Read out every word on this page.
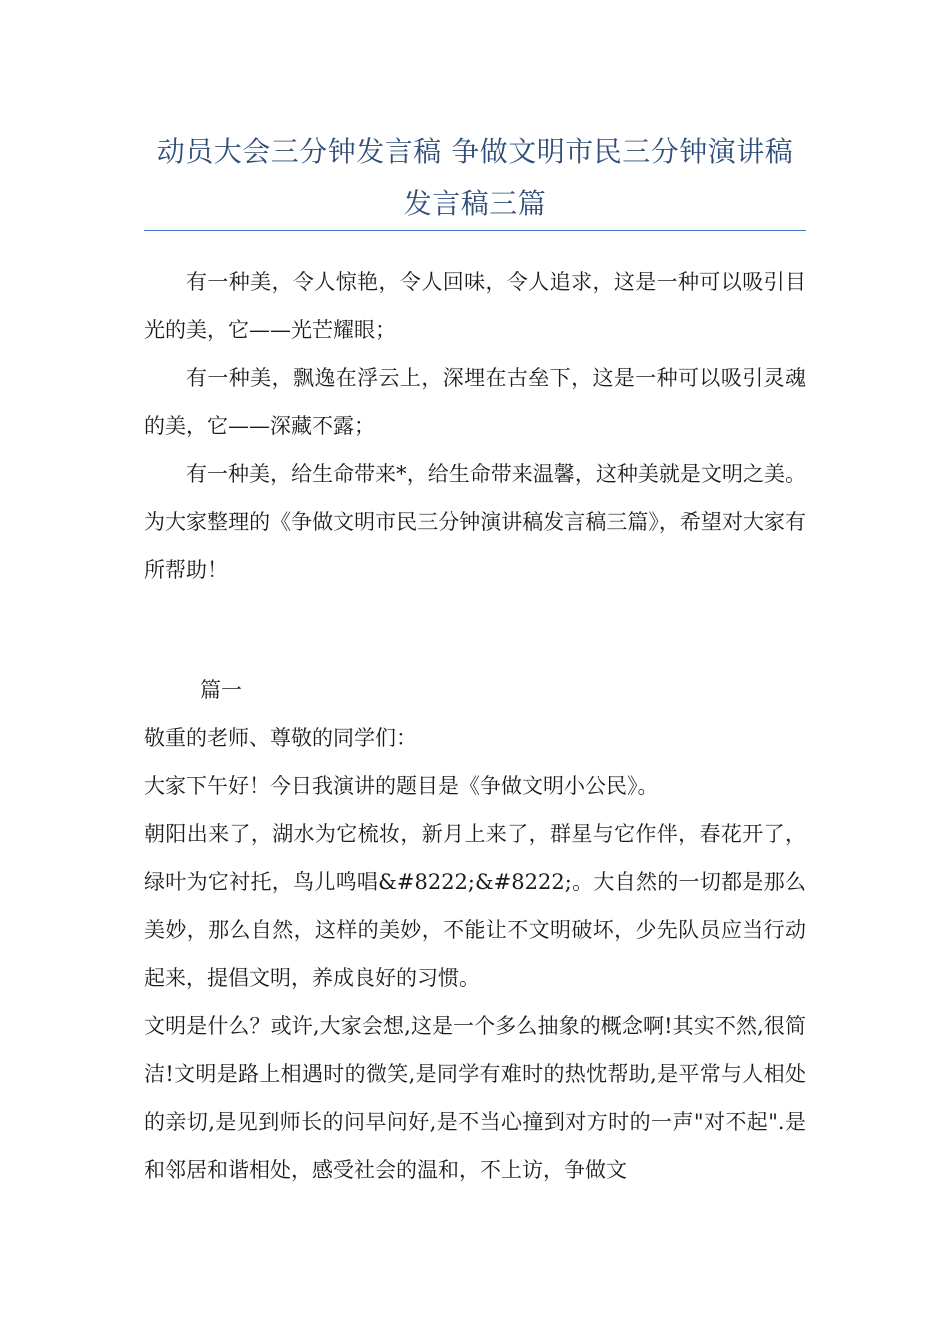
动员大会三分钟发言稿 争做文明市民三分钟演讲稿
发言稿三篇

有一种美，令人惊艳，令人回味，令人追求，这是一种可以吸引目光的美，它——光芒耀眼；

有一种美，飘逸在浮云上，深埋在古垒下，这是一种可以吸引灵魂的美，它——深藏不露；

有一种美，给生命带来*，给生命带来温馨，这种美就是文明之美。为大家整理的《争做文明市民三分钟演讲稿发言稿三篇》，希望对大家有所帮助！

篇一

敬重的老师、尊敬的同学们：

大家下午好！今日我演讲的题目是《争做文明小公民》。

朝阳出来了，湖水为它梳妆，新月上来了，群星与它作伴，春花开了，绿叶为它衬托，鸟儿鸣唱&#8222;&#8222;。大自然的一切都是那么美妙，那么自然，这样的美妙，不能让不文明破坏，少先队员应当行动起来，提倡文明，养成良好的习惯。

文明是什么？或许,大家会想,这是一个多么抽象的概念啊!其实不然,很简洁!文明是路上相遇时的微笑,是同学有难时的热忱帮助,是平常与人相处的亲切,是见到师长的问早问好,是不当心撞到对方时的一声"对不起".是和邻居和谐相处，感受社会的温和，不上访，争做文
